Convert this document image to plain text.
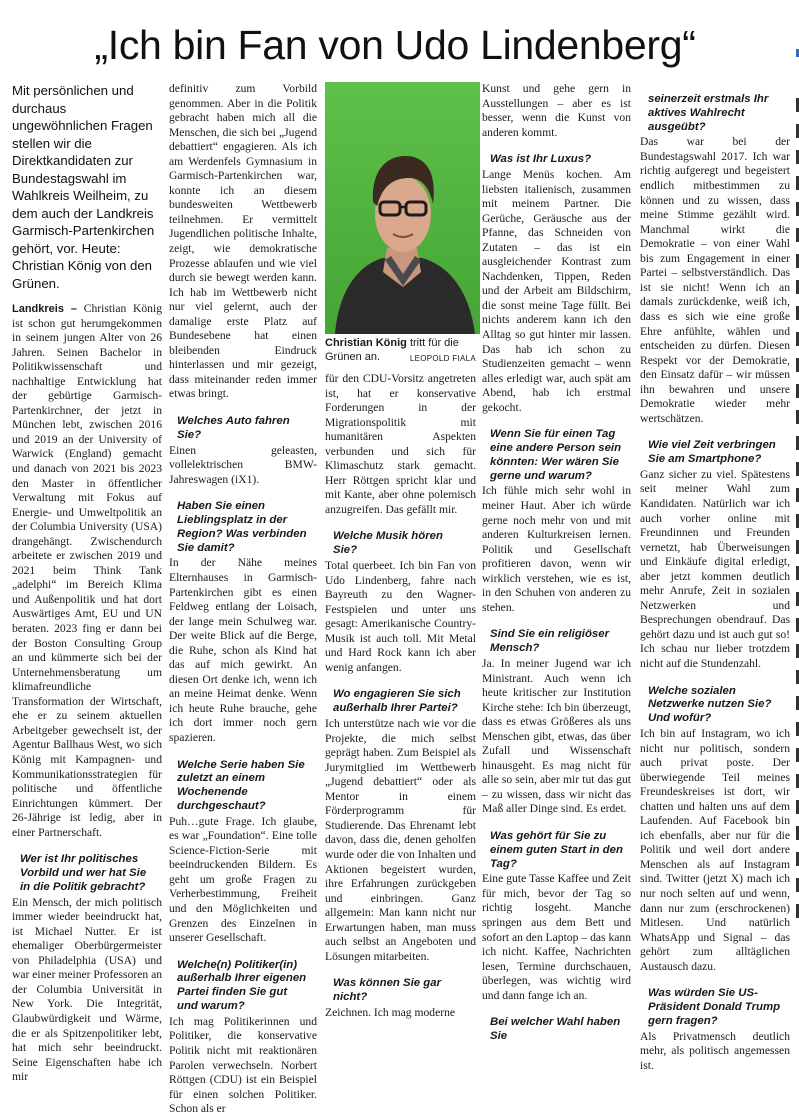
„Ich bin Fan von Udo Lindenberg“

Mit persönlichen und durchaus ungewöhnlichen Fragen stellen wir die Direktkandidaten zur Bundestagswahl im Wahlkreis Weilheim, zu dem auch der Landkreis Garmisch-Partenkirchen gehört, vor. Heute: Christian König von den Grünen.

Landkreis – Christian König ist schon gut herumgekommen in seinem jungen Alter von 26 Jahren. Seinen Bachelor in Politikwissenschaft und nachhaltige Entwicklung hat der gebürtige Garmisch-Partenkirchner, der jetzt in München lebt, zwischen 2016 und 2019 an der University of Warwick (England) gemacht und danach von 2021 bis 2023 den Master in öffentlicher Verwaltung mit Fokus auf Energie- und Umweltpolitik an der Columbia University (USA) drangehängt. Zwischendurch arbeitete er zwischen 2019 und 2021 beim Think Tank „adelphi“ im Bereich Klima und Außenpolitik und hat dort Auswärtiges Amt, EU und UN beraten. 2023 fing er dann bei der Boston Consulting Group an und kümmerte sich bei der Unternehmensberatung um klimafreundliche Transformation der Wirtschaft, ehe er zu seinem aktuellen Arbeitgeber gewechselt ist, der Agentur Ballhaus West, wo sich König mit Kampagnen- und Kommunikationsstrategien für politische und öffentliche Einrichtungen kümmert. Der 26-Jährige ist ledig, aber in einer Partnerschaft.

Wer ist Ihr politisches Vorbild und wer hat Sie in die Politik gebracht?

Ein Mensch, der mich politisch immer wieder beeindruckt hat, ist Michael Nutter. Er ist ehemaliger Oberbürgermeister von Philadelphia (USA) und war einer meiner Professoren an der Columbia Universität in New York. Die Integrität, Glaubwürdigkeit und Wärme, die er als Spitzenpolitiker lebt, hat mich sehr beeindruckt. Seine Eigenschaften habe ich mir

definitiv zum Vorbild genommen. Aber in die Politik gebracht haben mich all die Menschen, die sich bei „Jugend debattiert“ engagieren. Als ich am Werdenfels Gymnasium in Garmisch-Partenkirchen war, konnte ich an diesem bundesweiten Wettbewerb teilnehmen. Er vermittelt Jugendlichen politische Inhalte, zeigt, wie demokratische Prozesse ablaufen und wie viel durch sie bewegt werden kann. Ich hab im Wettbewerb nicht nur viel gelernt, auch der damalige erste Platz auf Bundesebene hat einen bleibenden Eindruck hinterlassen und mir gezeigt, dass miteinander reden immer etwas bringt.

Welches Auto fahren Sie?

Einen geleasten, vollelektrischen BMW-Jahreswagen (iX1).

Haben Sie einen Lieblingsplatz in der Region? Was verbinden Sie damit?

In der Nähe meines Elternhauses in Garmisch-Partenkirchen gibt es einen Feldweg entlang der Loisach, der lange mein Schulweg war. Der weite Blick auf die Berge, die Ruhe, schon als Kind hat das auf mich gewirkt. An diesen Ort denke ich, wenn ich an meine Heimat denke. Wenn ich heute Ruhe brauche, gehe ich dort immer noch gern spazieren.

Welche Serie haben Sie zuletzt an einem Wochenende durchgeschaut?

Puh…gute Frage. Ich glaube, es war „Foundation“. Eine tolle Science-Fiction-Serie mit beeindruckenden Bildern. Es geht um große Fragen zu Verherbestimmung, Freiheit und den Möglichkeiten und Grenzen des Einzelnen in unserer Gesellschaft.

Welche(n) Politiker(in) außerhalb Ihrer eigenen Partei finden Sie gut und warum?

Ich mag Politikerinnen und Politiker, die konservative Politik nicht mit reaktionären Parolen verwechseln. Norbert Röttgen (CDU) ist ein Beispiel für einen solchen Politiker. Schon als er

Christian König tritt für die Grünen an.	LEOPOLD FIALA

für den CDU-Vorsitz angetreten ist, hat er konservative Forderungen in der Migrationspolitik mit humanitären Aspekten verbunden und sich für Klimaschutz stark gemacht. Herr Röttgen spricht klar und mit Kante, aber ohne polemisch anzugreifen. Das gefällt mir.

Welche Musik hören Sie?

Total querbeet. Ich bin Fan von Udo Lindenberg, fahre nach Bayreuth zu den Wagner-Festspielen und unter uns gesagt: Amerikanische Country-Musik ist auch toll. Mit Metal und Hard Rock kann ich aber wenig anfangen.

Wo engagieren Sie sich außerhalb Ihrer Partei?

Ich unterstütze nach wie vor die Projekte, die mich selbst geprägt haben. Zum Beispiel als Jurymitglied im Wettbewerb „Jugend debattiert“ oder als Mentor in einem Förderprogramm für Studierende. Das Ehrenamt lebt davon, dass die, denen geholfen wurde oder die von Inhalten und Aktionen begeistert wurden, ihre Erfahrungen zurückgeben und einbringen. Ganz allgemein: Man kann nicht nur Erwartungen haben, man muss auch selbst an Angeboten und Lösungen mitarbeiten.

Was können Sie gar nicht?

Zeichnen. Ich mag moderne

Kunst und gehe gern in Ausstellungen – aber es ist besser, wenn die Kunst von anderen kommt.

Was ist Ihr Luxus?

Lange Menüs kochen. Am liebsten italienisch, zusammen mit meinem Partner. Die Gerüche, Geräusche aus der Pfanne, das Schneiden von Zutaten – das ist ein ausgleichender Kontrast zum Nachdenken, Tippen, Reden und der Arbeit am Bildschirm, die sonst meine Tage füllt. Bei nichts anderem kann ich den Alltag so gut hinter mir lassen. Das hab ich schon zu Studienzeiten gemacht – wenn alles erledigt war, auch spät am Abend, hab ich erstmal gekocht.

Wenn Sie für einen Tag eine andere Person sein könnten: Wer wären Sie gerne und warum?

Ich fühle mich sehr wohl in meiner Haut. Aber ich würde gerne noch mehr von und mit anderen Kulturkreisen lernen. Politik und Gesellschaft profitieren davon, wenn wir wirklich verstehen, wie es ist, in den Schuhen von anderen zu stehen.

Sind Sie ein religiöser Mensch?

Ja. In meiner Jugend war ich Ministrant. Auch wenn ich heute kritischer zur Institution Kirche stehe: Ich bin überzeugt, dass es etwas Größeres als uns Menschen gibt, etwas, das über Zufall und Wissenschaft hinausgeht. Es mag nicht für alle so sein, aber mir tut das gut – zu wissen, dass wir nicht das Maß aller Dinge sind. Es erdet.

Was gehört für Sie zu einem guten Start in den Tag?

Eine gute Tasse Kaffee und Zeit für mich, bevor der Tag so richtig losgeht. Manche springen aus dem Bett und sofort an den Laptop – das kann ich nicht. Kaffee, Nachrichten lesen, Termine durchschauen, überlegen, was wichtig wird und dann fange ich an.

Bei welcher Wahl haben Sie

seinerzeit erstmals Ihr aktives Wahlrecht ausgeübt?

Das war bei der Bundestagswahl 2017. Ich war richtig aufgeregt und begeistert endlich mitbestimmen zu können und zu wissen, dass meine Stimme gezählt wird. Manchmal wirkt die Demokratie – von einer Wahl bis zum Engagement in einer Partei – selbstverständlich. Das ist sie nicht! Wenn ich an damals zurückdenke, weiß ich, dass es sich wie eine große Ehre anfühlte, wählen und entscheiden zu dürfen. Diesen Respekt vor der Demokratie, den Einsatz dafür – wir müssen ihn bewahren und unsere Demokratie wieder mehr wertschätzen.

Wie viel Zeit verbringen Sie am Smartphone?

Ganz sicher zu viel. Spätestens seit meiner Wahl zum Kandidaten. Natürlich war ich auch vorher online mit Freundinnen und Freunden vernetzt, hab Überweisungen und Einkäufe digital erledigt, aber jetzt kommen deutlich mehr Anrufe, Zeit in sozialen Netzwerken und Besprechungen obendrauf. Das gehört dazu und ist auch gut so! Ich schau nur lieber trotzdem nicht auf die Stundenzahl.

Welche sozialen Netzwerke nutzen Sie? Und wofür?

Ich bin auf Instagram, wo ich nicht nur politisch, sondern auch privat poste. Der überwiegende Teil meines Freundeskreises ist dort, wir chatten und halten uns auf dem Laufenden. Auf Facebook bin ich ebenfalls, aber nur für die Politik und weil dort andere Menschen als auf Instagram sind. Twitter (jetzt X) mach ich nur noch selten auf und wenn, dann nur zum (erschrockenen) Mitlesen. Und natürlich WhatsApp und Signal – das gehört zum alltäglichen Austausch dazu.

Was würden Sie US-Präsident Donald Trump gern fragen?

Als Privatmensch deutlich mehr, als politisch angemessen ist.
